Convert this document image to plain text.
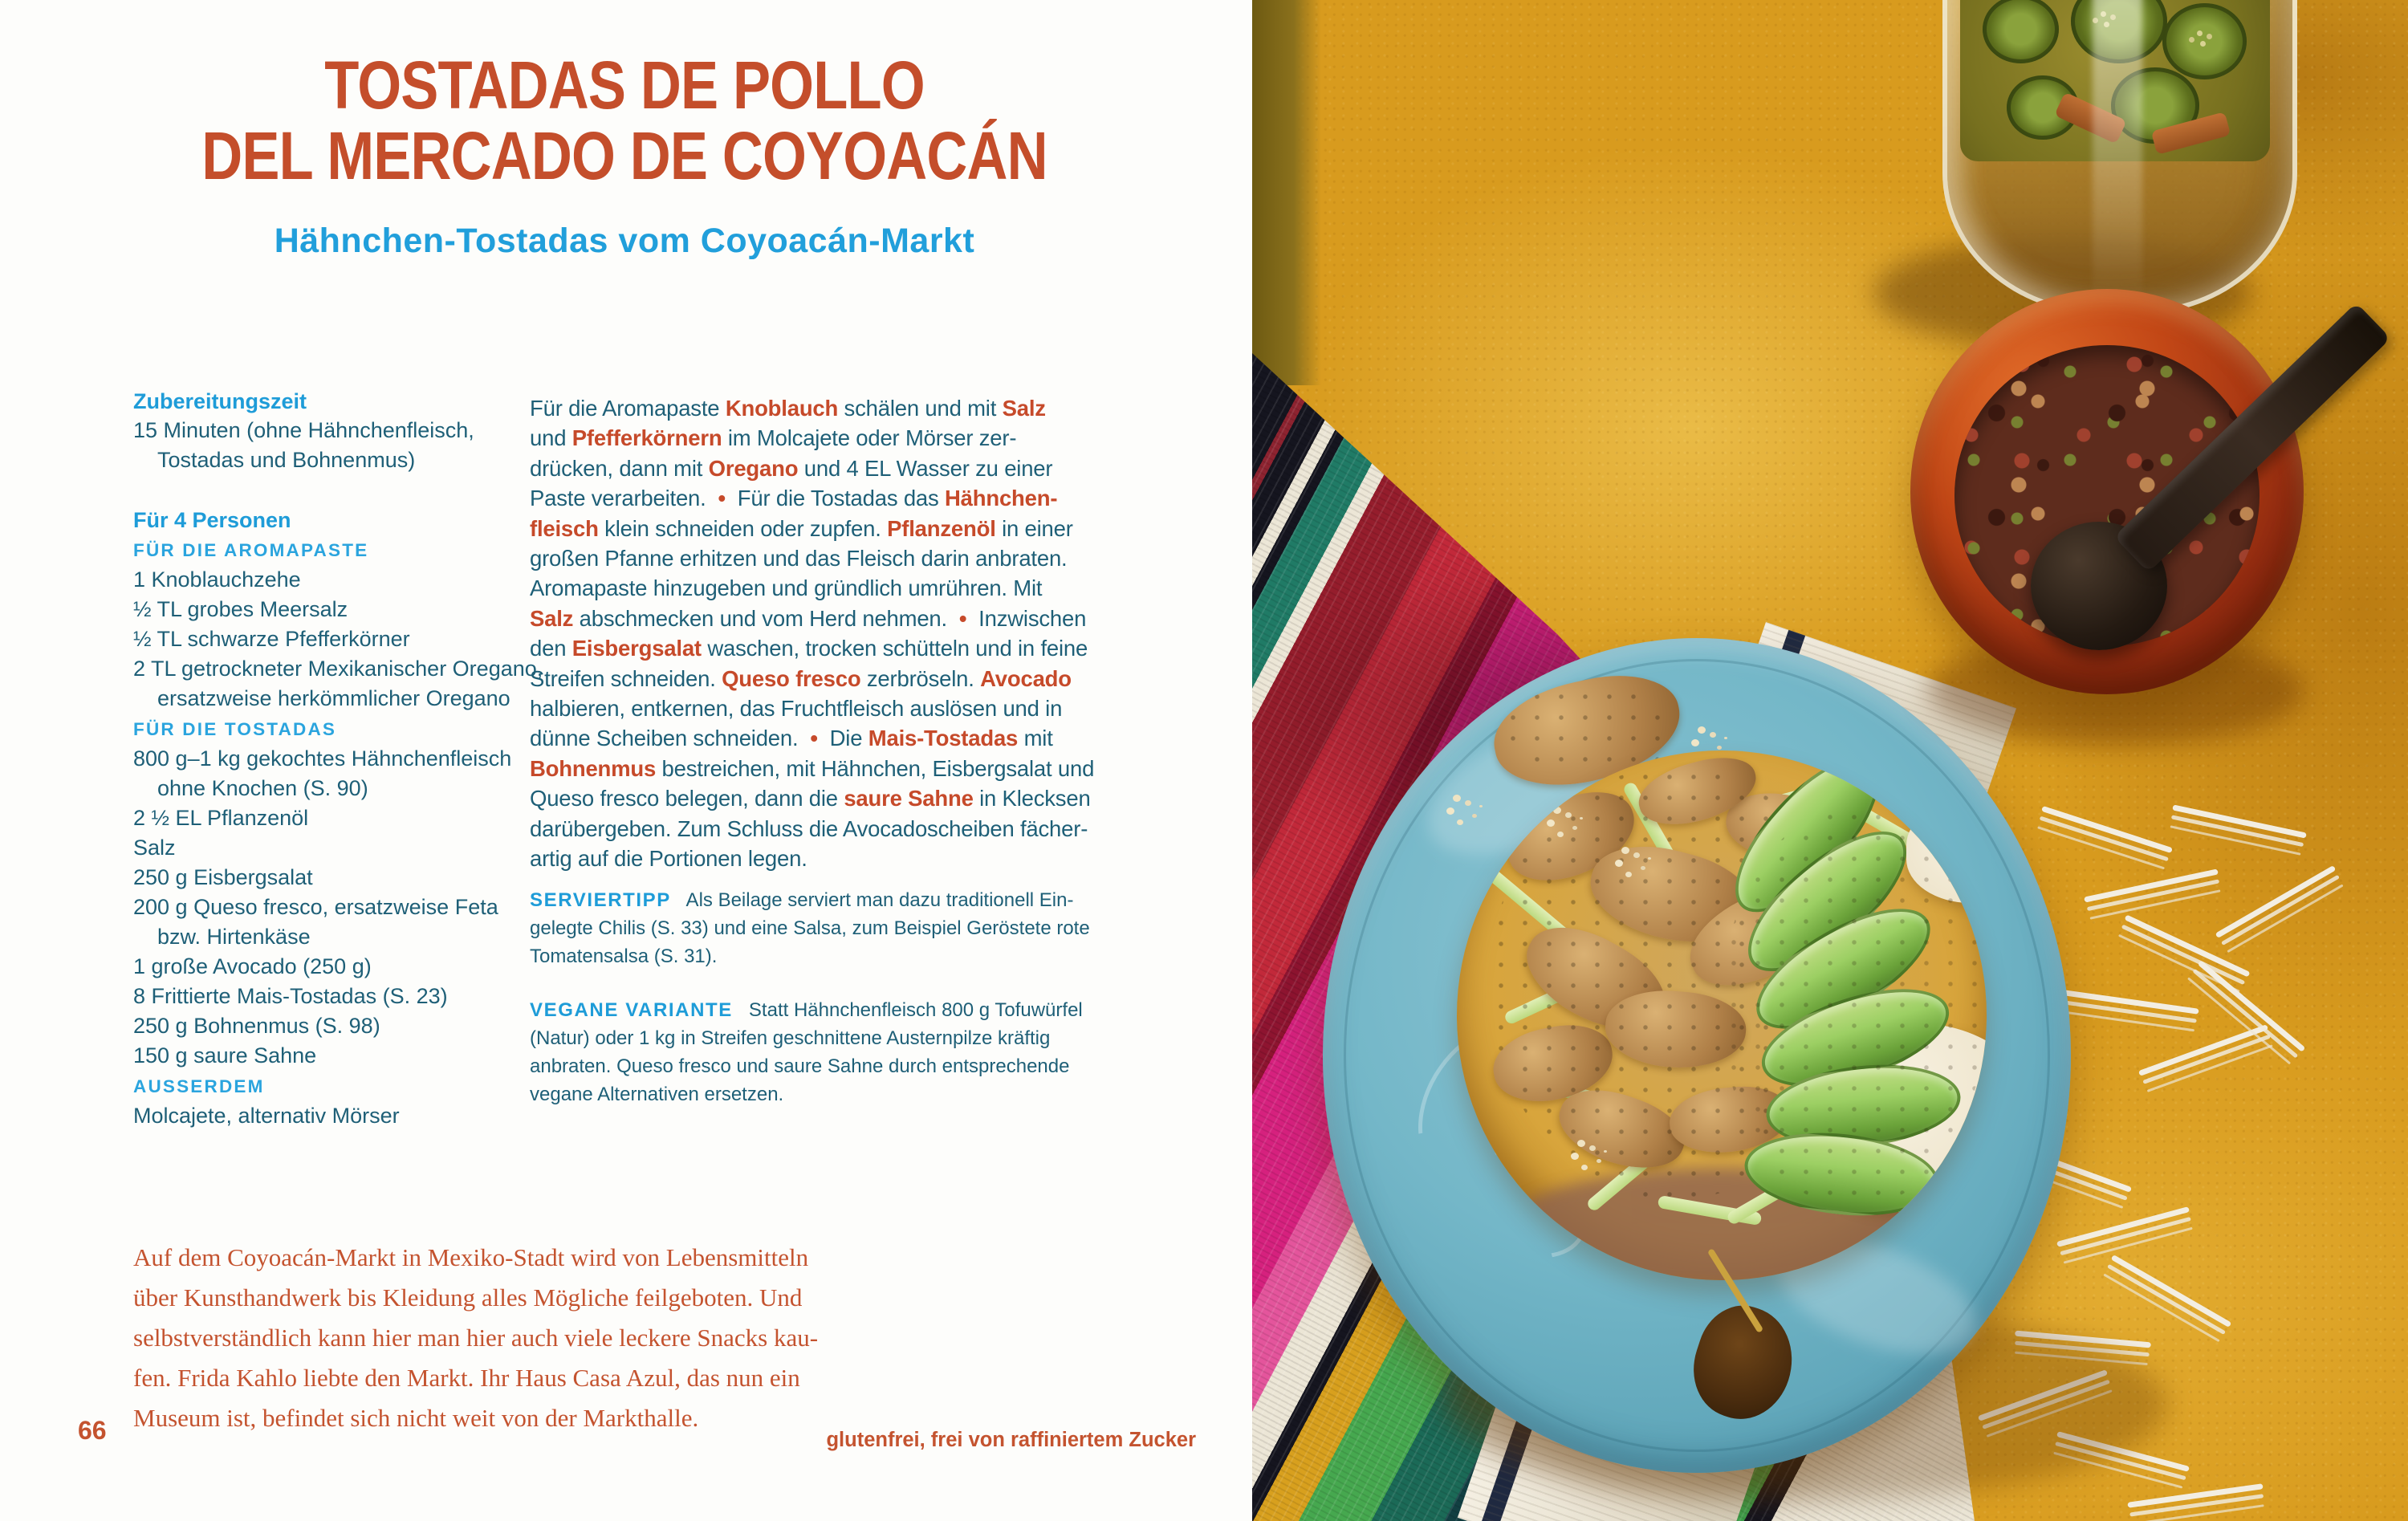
TOSTADAS DE POLLO
DEL MERCADO DE COYOACÁN
Hähnchen-Tostadas vom Coyoacán-Markt
Zubereitungszeit
15 Minuten (ohne Hähnchenfleisch,
Tostadas und Bohnenmus)
Für 4 Personen
FÜR DIE AROMAPASTE
1 Knoblauchzehe
½ TL grobes Meersalz
½ TL schwarze Pfefferkörner
2 TL getrockneter Mexikanischer Oregano,
ersatzweise herkömmlicher Oregano
FÜR DIE TOSTADAS
800 g–1 kg gekochtes Hähnchenfleisch
ohne Knochen (S. 90)
2 ½ EL Pflanzenöl
Salz
250 g Eisbergsalat
200 g Queso fresco, ersatzweise Feta
bzw. Hirtenkäse
1 große Avocado (250 g)
8 Frittierte Mais-Tostadas (S. 23)
250 g Bohnenmus (S. 98)
150 g saure Sahne
AUSSERDEM
Molcajete, alternativ Mörser
Für die Aromapaste Knoblauch schälen und mit Salz
und Pfefferkörnern im Molcajete oder Mörser zer-
drücken, dann mit Oregano und 4 EL Wasser zu einer
Paste verarbeiten.  •  Für die Tostadas das Hähnchen-
fleisch klein schneiden oder zupfen. Pflanzenöl in einer
großen Pfanne erhitzen und das Fleisch darin anbraten.
Aromapaste hinzugeben und gründlich umrühren. Mit
Salz abschmecken und vom Herd nehmen.  •  Inzwischen
den Eisbergsalat waschen, trocken schütteln und in feine
Streifen schneiden. Queso fresco zerbröseln. Avocado
halbieren, entkernen, das Fruchtfleisch auslösen und in
dünne Scheiben schneiden.  •  Die Mais-Tostadas mit
Bohnenmus bestreichen, mit Hähnchen, Eisbergsalat und
Queso fresco belegen, dann die saure Sahne in Klecksen
darübergeben. Zum Schluss die Avocadoscheiben fächer-
artig auf die Portionen legen.
SERVIERTIPP   Als Beilage serviert man dazu traditionell Ein-
gelegte Chilis (S. 33) und eine Salsa, zum Beispiel Geröstete rote
Tomatensalsa (S. 31).
VEGANE VARIANTE   Statt Hähnchenfleisch 800 g Tofuwürfel
(Natur) oder 1 kg in Streifen geschnittene Austernpilze kräftig
anbraten. Queso fresco und saure Sahne durch entsprechende
vegane Alternativen ersetzen.
Auf dem Coyoacán-Markt in Mexiko-Stadt wird von Lebensmitteln
über Kunsthandwerk bis Kleidung alles Mögliche feilgeboten. Und
selbstverständlich kann hier man hier auch viele leckere Snacks kau-
fen. Frida Kahlo liebte den Markt. Ihr Haus Casa Azul, das nun ein
Museum ist, befindet sich nicht weit von der Markthalle.
66	glutenfrei, frei von raffiniertem Zucker
